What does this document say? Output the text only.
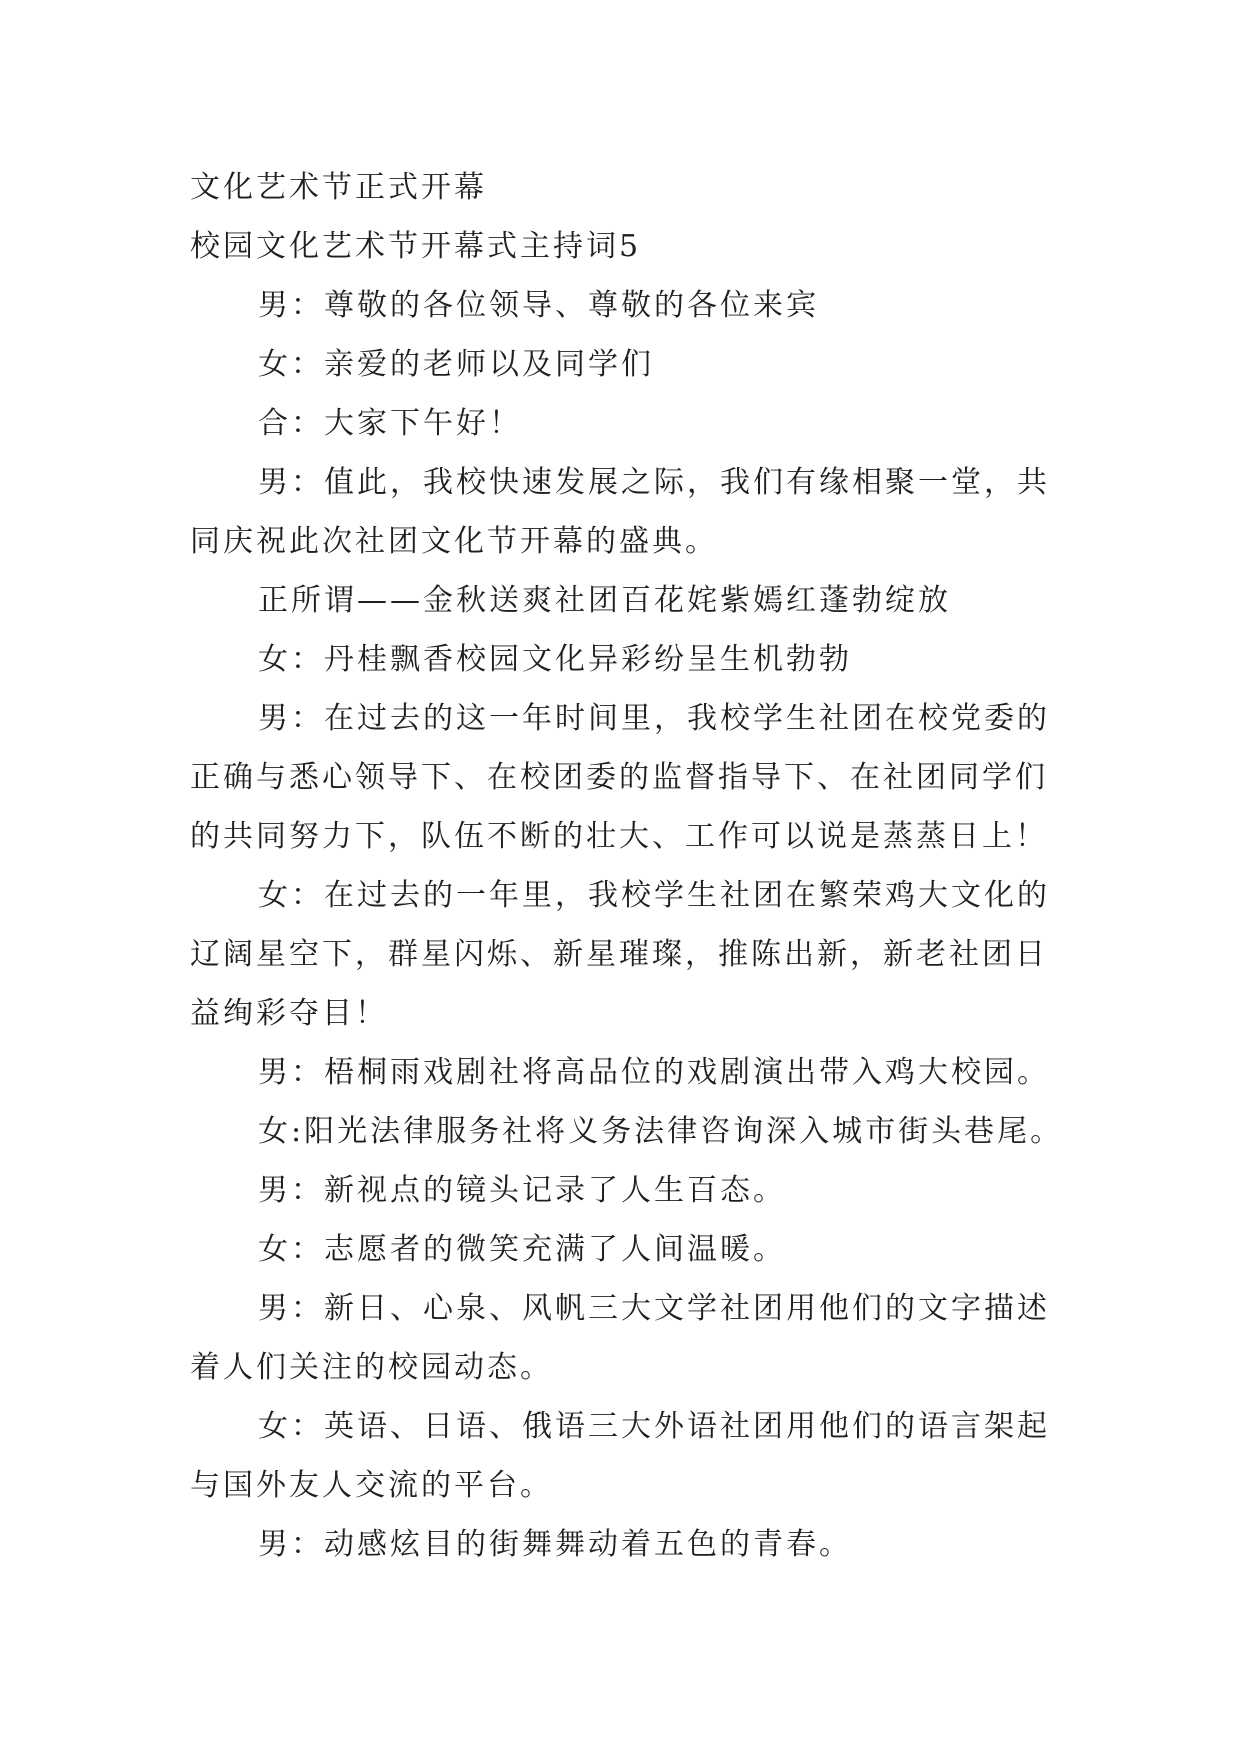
文化艺术节正式开幕
校园文化艺术节开幕式主持词5
男：尊敬的各位领导、尊敬的各位来宾
女：亲爱的老师以及同学们
合：大家下午好！
男：值此，我校快速发展之际，我们有缘相聚一堂，共
同庆祝此次社团文化节开幕的盛典。
正所谓——金秋送爽社团百花姹紫嫣红蓬勃绽放
女：丹桂飘香校园文化异彩纷呈生机勃勃
男：在过去的这一年时间里，我校学生社团在校党委的
正确与悉心领导下、在校团委的监督指导下、在社团同学们
的共同努力下，队伍不断的壮大、工作可以说是蒸蒸日上！
女：在过去的一年里，我校学生社团在繁荣鸡大文化的
辽阔星空下，群星闪烁、新星璀璨，推陈出新，新老社团日
益绚彩夺目！
男：梧桐雨戏剧社将高品位的戏剧演出带入鸡大校园。
女:阳光法律服务社将义务法律咨询深入城市街头巷尾。
男：新视点的镜头记录了人生百态。
女：志愿者的微笑充满了人间温暖。
男：新日、心泉、风帆三大文学社团用他们的文字描述
着人们关注的校园动态。
女：英语、日语、俄语三大外语社团用他们的语言架起
与国外友人交流的平台。
男：动感炫目的街舞舞动着五色的青春。
